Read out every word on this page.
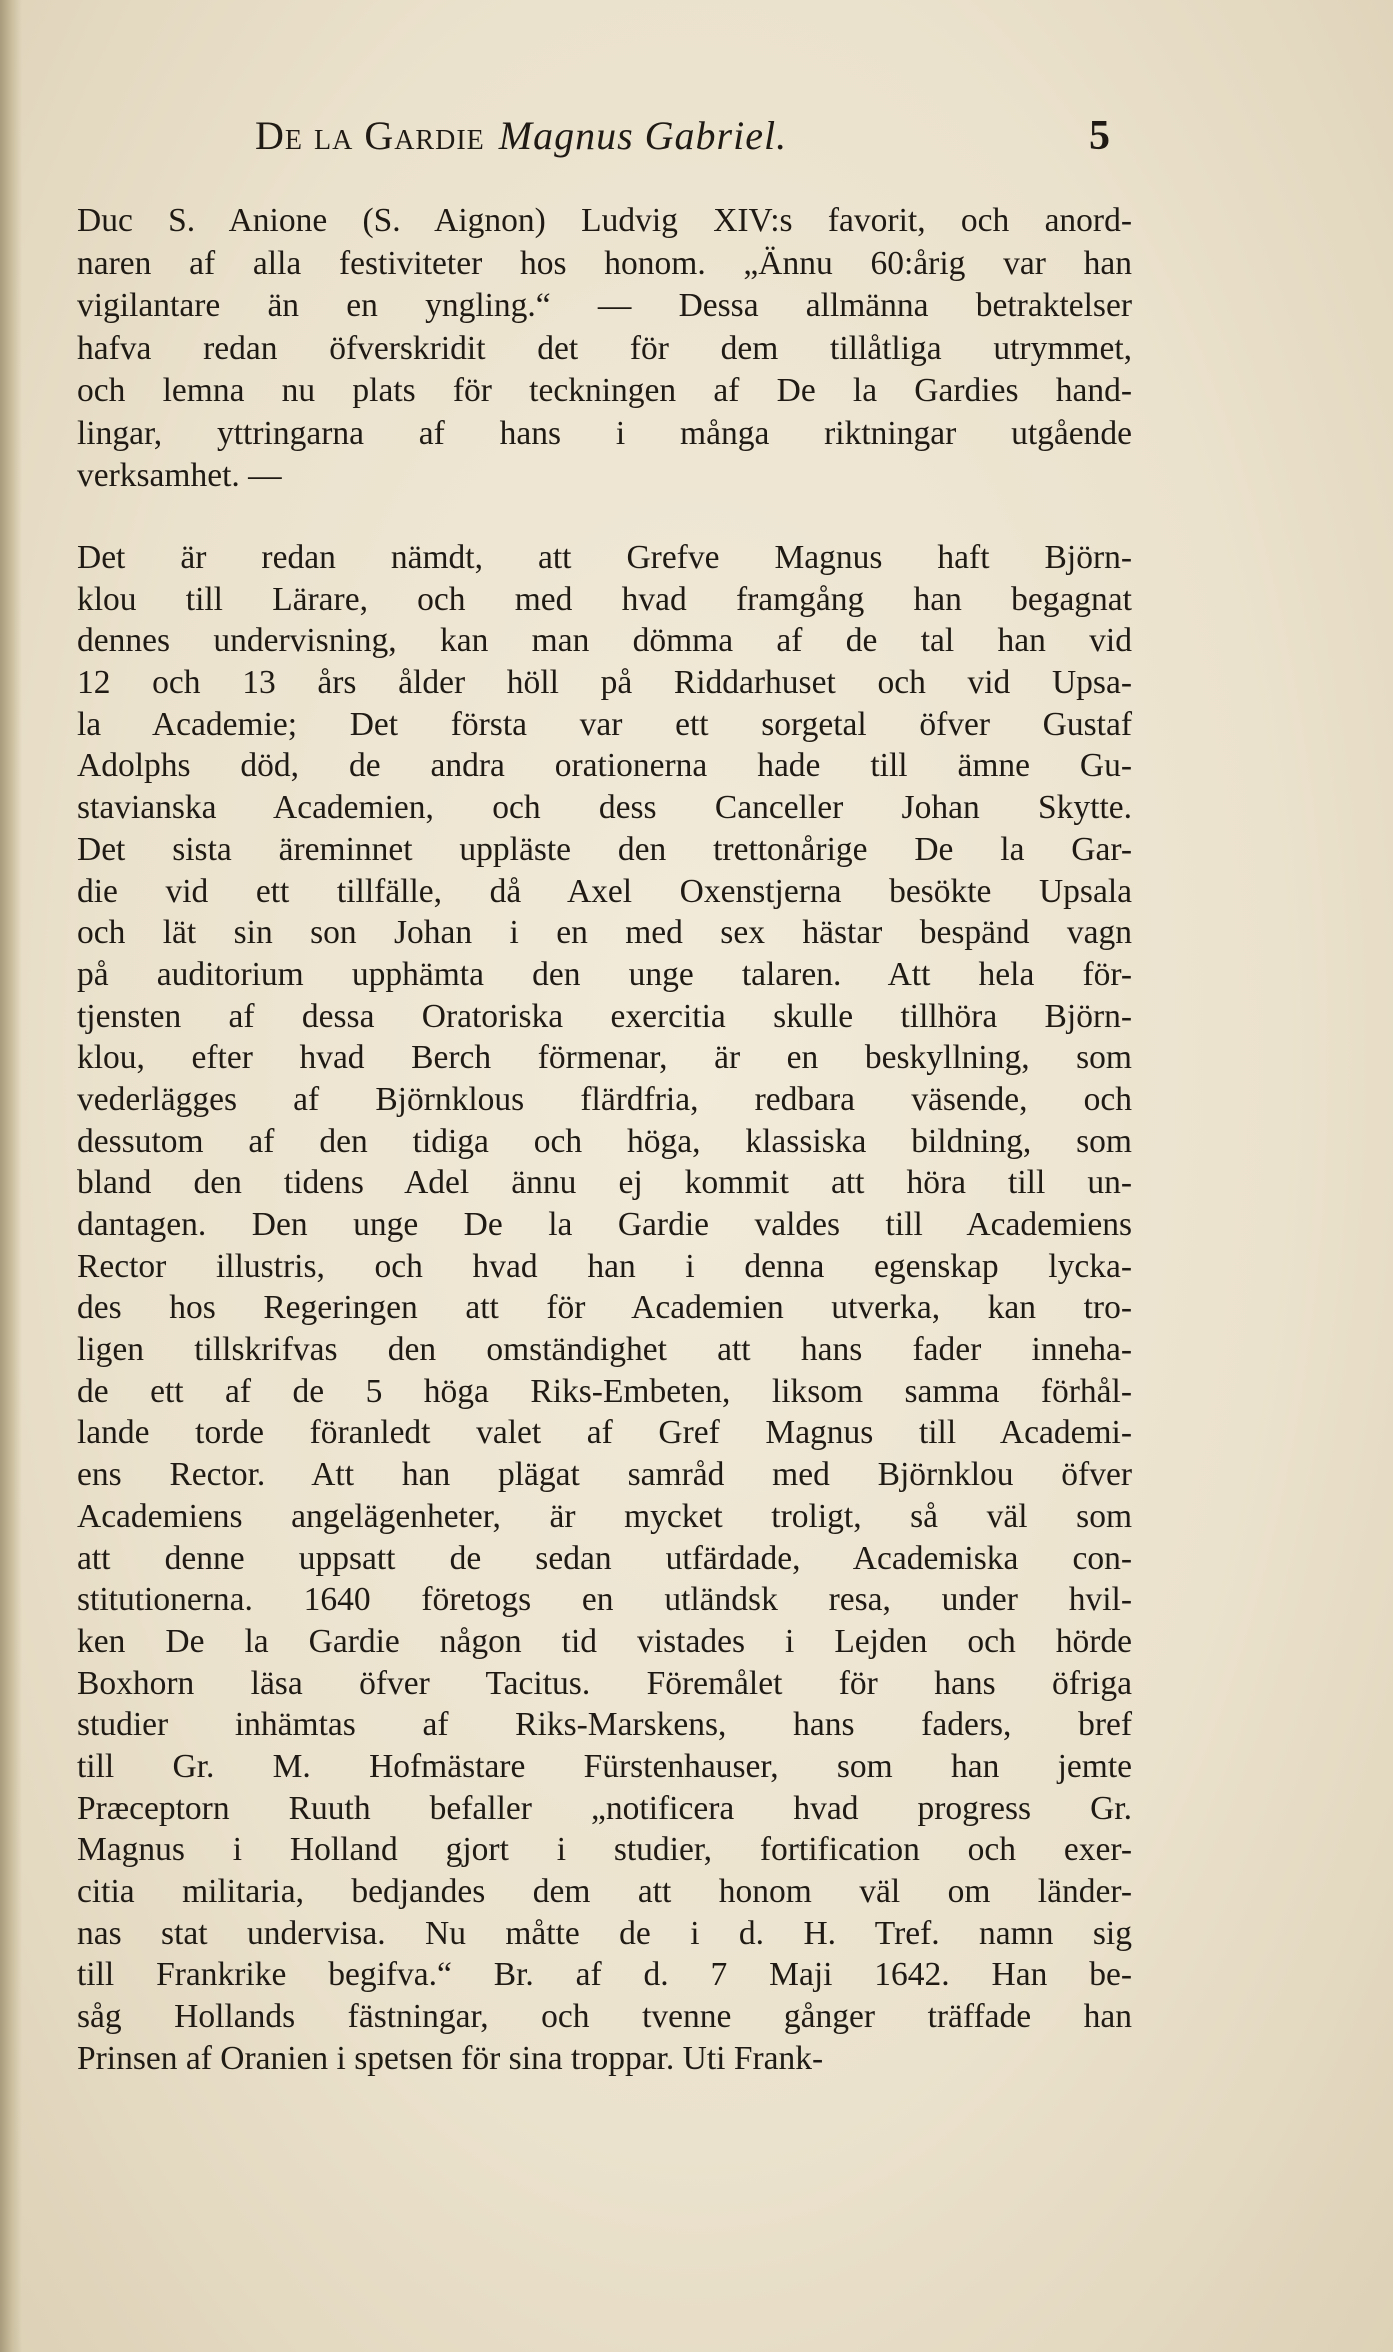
De la Gardie Magnus Gabriel.	5
Duc S. Anione (S. Aignon) Ludvig XIV:s favorit, och anord-
naren af alla festiviteter hos honom. „Ännu 60:årig var han
vigilantare än en yngling.“ — Dessa allmänna betraktelser
hafva redan öfverskridit det för dem tillåtliga utrymmet,
och lemna nu plats för teckningen af De la Gardies hand-
lingar, yttringarna af hans i många riktningar utgående
verksamhet. —
Det är redan nämdt, att Grefve Magnus haft Björn-
klou till Lärare, och med hvad framgång han begagnat
dennes undervisning, kan man dömma af de tal han vid
12 och 13 års ålder höll på Riddarhuset och vid Upsa-
la Academie; Det första var ett sorgetal öfver Gustaf
Adolphs död, de andra orationerna hade till ämne Gu-
stavianska Academien, och dess Canceller Johan Skytte.
Det sista äreminnet uppläste den trettonårige De la Gar-
die vid ett tillfälle, då Axel Oxenstjerna besökte Upsala
och lät sin son Johan i en med sex hästar bespänd vagn
på auditorium upphämta den unge talaren. Att hela för-
tjensten af dessa Oratoriska exercitia skulle tillhöra Björn-
klou, efter hvad Berch förmenar, är en beskyllning, som
vederlägges af Björnklous flärdfria, redbara väsende, och
dessutom af den tidiga och höga, klassiska bildning, som
bland den tidens Adel ännu ej kommit att höra till un-
dantagen. Den unge De la Gardie valdes till Academiens
Rector illustris, och hvad han i denna egenskap lycka-
des hos Regeringen att för Academien utverka, kan tro-
ligen tillskrifvas den omständighet att hans fader inneha-
de ett af de 5 höga Riks-Embeten, liksom samma förhål-
lande torde föranledt valet af Gref Magnus till Academi-
ens Rector. Att han plägat samråd med Björnklou öfver
Academiens angelägenheter, är mycket troligt, så väl som
att denne uppsatt de sedan utfärdade, Academiska con-
stitutionerna. 1640 företogs en utländsk resa, under hvil-
ken De la Gardie någon tid vistades i Lejden och hörde
Boxhorn läsa öfver Tacitus. Föremålet för hans öfriga
studier inhämtas af Riks-Marskens, hans faders, bref
till Gr. M. Hofmästare Fürstenhauser, som han jemte
Præceptorn Ruuth befaller „notificera hvad progress Gr.
Magnus i Holland gjort i studier, fortification och exer-
citia militaria, bedjandes dem att honom väl om länder-
nas stat undervisa. Nu måtte de i d. H. Tref. namn sig
till Frankrike begifva.“ Br. af d. 7 Maji 1642. Han be-
såg Hollands fästningar, och tvenne gånger träffade han
Prinsen af Oranien i spetsen för sina troppar. Uti Frank-
